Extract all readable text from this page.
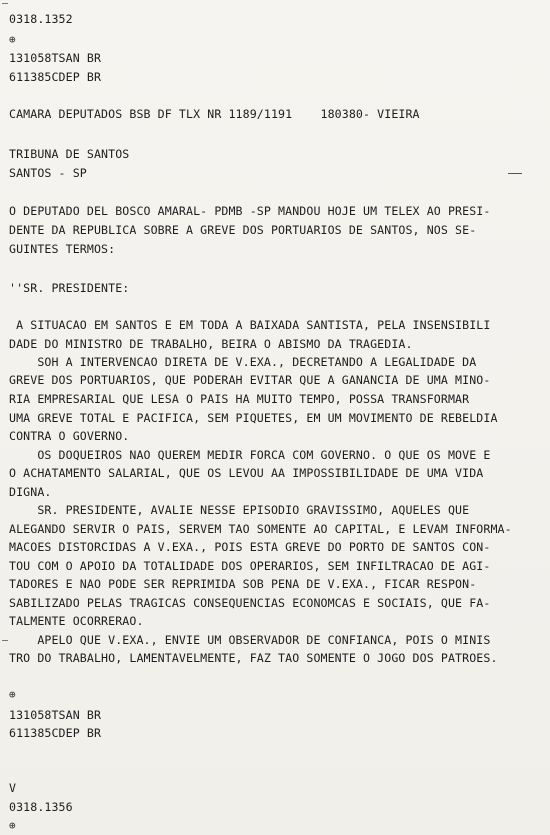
0318.1352
⊕
131058TSAN BR
611385CDEP BR
CAMARA DEPUTADOS BSB DF TLX NR 1189/1191    180380- VIEIRA
TRIBUNA DE SANTOS
SANTOS - SP
O DEPUTADO DEL BOSCO AMARAL- PDMB -SP MANDOU HOJE UM TELEX AO PRESI-
DENTE DA REPUBLICA SOBRE A GREVE DOS PORTUARIOS DE SANTOS, NOS SE-
GUINTES TERMOS:
''SR. PRESIDENTE:
A SITUACAO EM SANTOS E EM TODA A BAIXADA SANTISTA, PELA INSENSIBILI
DADE DO MINISTRO DE TRABALHO, BEIRA O ABISMO DA TRAGEDIA.
SOH A INTERVENCAO DIRETA DE V.EXA., DECRETANDO A LEGALIDADE DA
GREVE DOS PORTUARIOS, QUE PODERAH EVITAR QUE A GANANCIA DE UMA MINO-
RIA EMPRESARIAL QUE LESA O PAIS HA MUITO TEMPO, POSSA TRANSFORMAR
UMA GREVE TOTAL E PACIFICA, SEM PIQUETES, EM UM MOVIMENTO DE REBELDIA
CONTRA O GOVERNO.
OS DOQUEIROS NAO QUEREM MEDIR FORCA COM GOVERNO. O QUE OS MOVE E
O ACHATAMENTO SALARIAL, QUE OS LEVOU AA IMPOSSIBILIDADE DE UMA VIDA
DIGNA.
SR. PRESIDENTE, AVALIE NESSE EPISODIO GRAVISSIMO, AQUELES QUE
ALEGANDO SERVIR O PAIS, SERVEM TAO SOMENTE AO CAPITAL, E LEVAM INFORMA-
MACOES DISTORCIDAS A V.EXA., POIS ESTA GREVE DO PORTO DE SANTOS CON-
TOU COM O APOIO DA TOTALIDADE DOS OPERARIOS, SEM INFILTRACAO DE AGI-
TADORES E NAO PODE SER REPRIMIDA SOB PENA DE V.EXA., FICAR RESPON-
SABILIZADO PELAS TRAGICAS CONSEQUENCIAS ECONOMCAS E SOCIAIS, QUE FA-
TALMENTE OCORRERAO.
APELO QUE V.EXA., ENVIE UM OBSERVADOR DE CONFIANCA, POIS O MINIS
TRO DO TRABALHO, LAMENTAVELMENTE, FAZ TAO SOMENTE O JOGO DOS PATROES.
⊕
131058TSAN BR
611385CDEP BR
V
0318.1356
⊕
